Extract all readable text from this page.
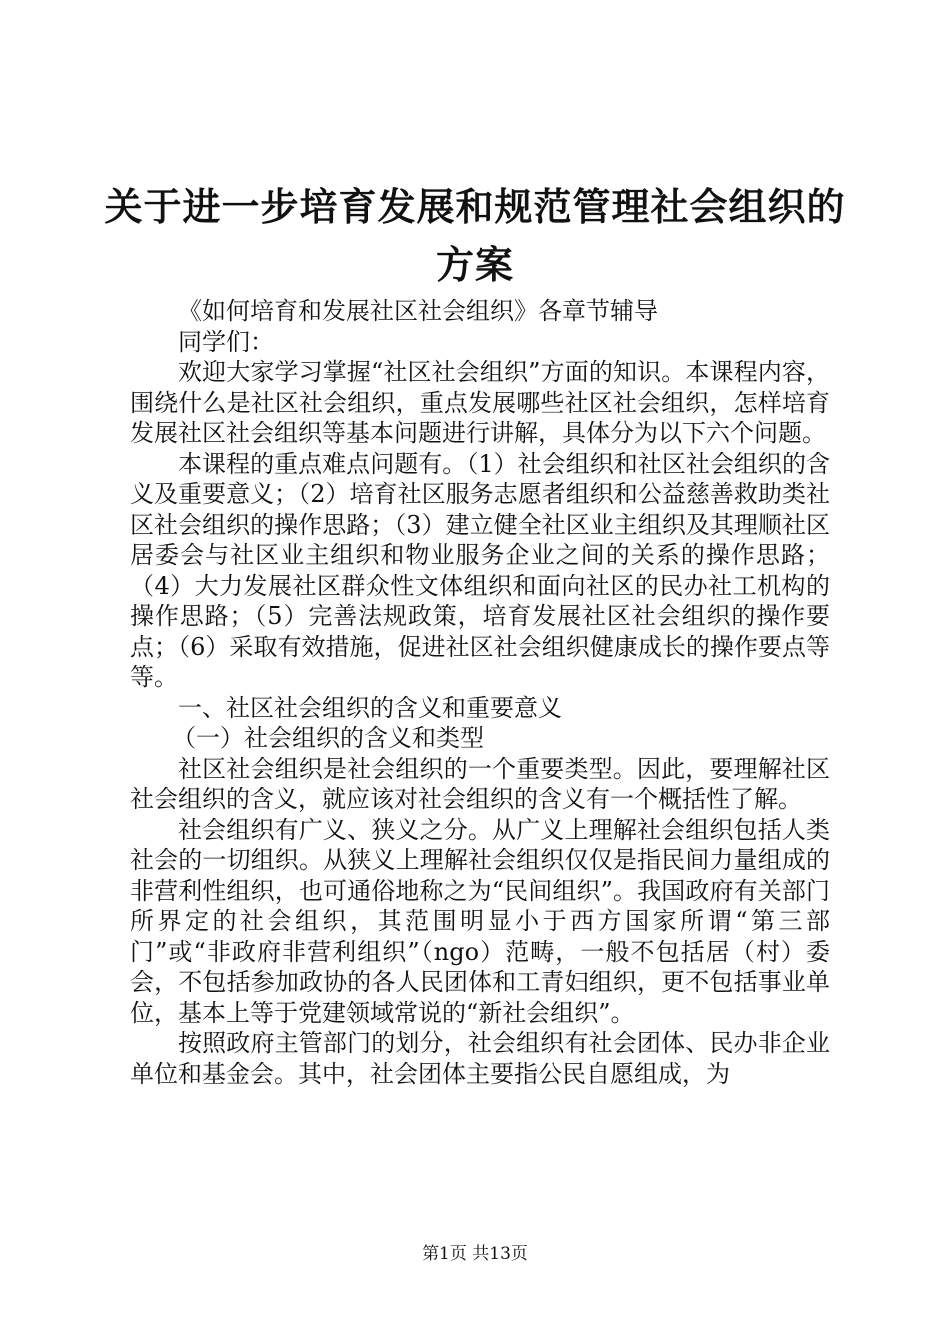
关于进一步培育发展和规范管理社会组织的方案

《如何培育和发展社区社会组织》各章节辅导

同学们：

欢迎大家学习掌握“社区社会组织”方面的知识。本课程内容，围绕什么是社区社会组织，重点发展哪些社区社会组织，怎样培育发展社区社会组织等基本问题进行讲解，具体分为以下六个问题。

本课程的重点难点问题有。（1）社会组织和社区社会组织的含义及重要意义；（2）培育社区服务志愿者组织和公益慈善救助类社区社会组织的操作思路；（3）建立健全社区业主组织及其理顺社区居委会与社区业主组织和物业服务企业之间的关系的操作思路；（4）大力发展社区群众性文体组织和面向社区的民办社工机构的操作思路；（5）完善法规政策，培育发展社区社会组织的操作要点；（6）采取有效措施，促进社区社会组织健康成长的操作要点等等。

一、社区社会组织的含义和重要意义

（一）社会组织的含义和类型

社区社会组织是社会组织的一个重要类型。因此，要理解社区社会组织的含义，就应该对社会组织的含义有一个概括性了解。

社会组织有广义、狭义之分。从广义上理解社会组织包括人类社会的一切组织。从狭义上理解社会组织仅仅是指民间力量组成的非营利性组织，也可通俗地称之为“民间组织”。我国政府有关部门所界定的社会组织，其范围明显小于西方国家所谓“第三部门”或“非政府非营利组织”（ngo）范畴，一般不包括居（村）委会，不包括参加政协的各人民团体和工青妇组织，更不包括事业单位，基本上等于党建领域常说的“新社会组织”。

按照政府主管部门的划分，社会组织有社会团体、民办非企业单位和基金会。其中，社会团体主要指公民自愿组成，为

第1页 共13页
